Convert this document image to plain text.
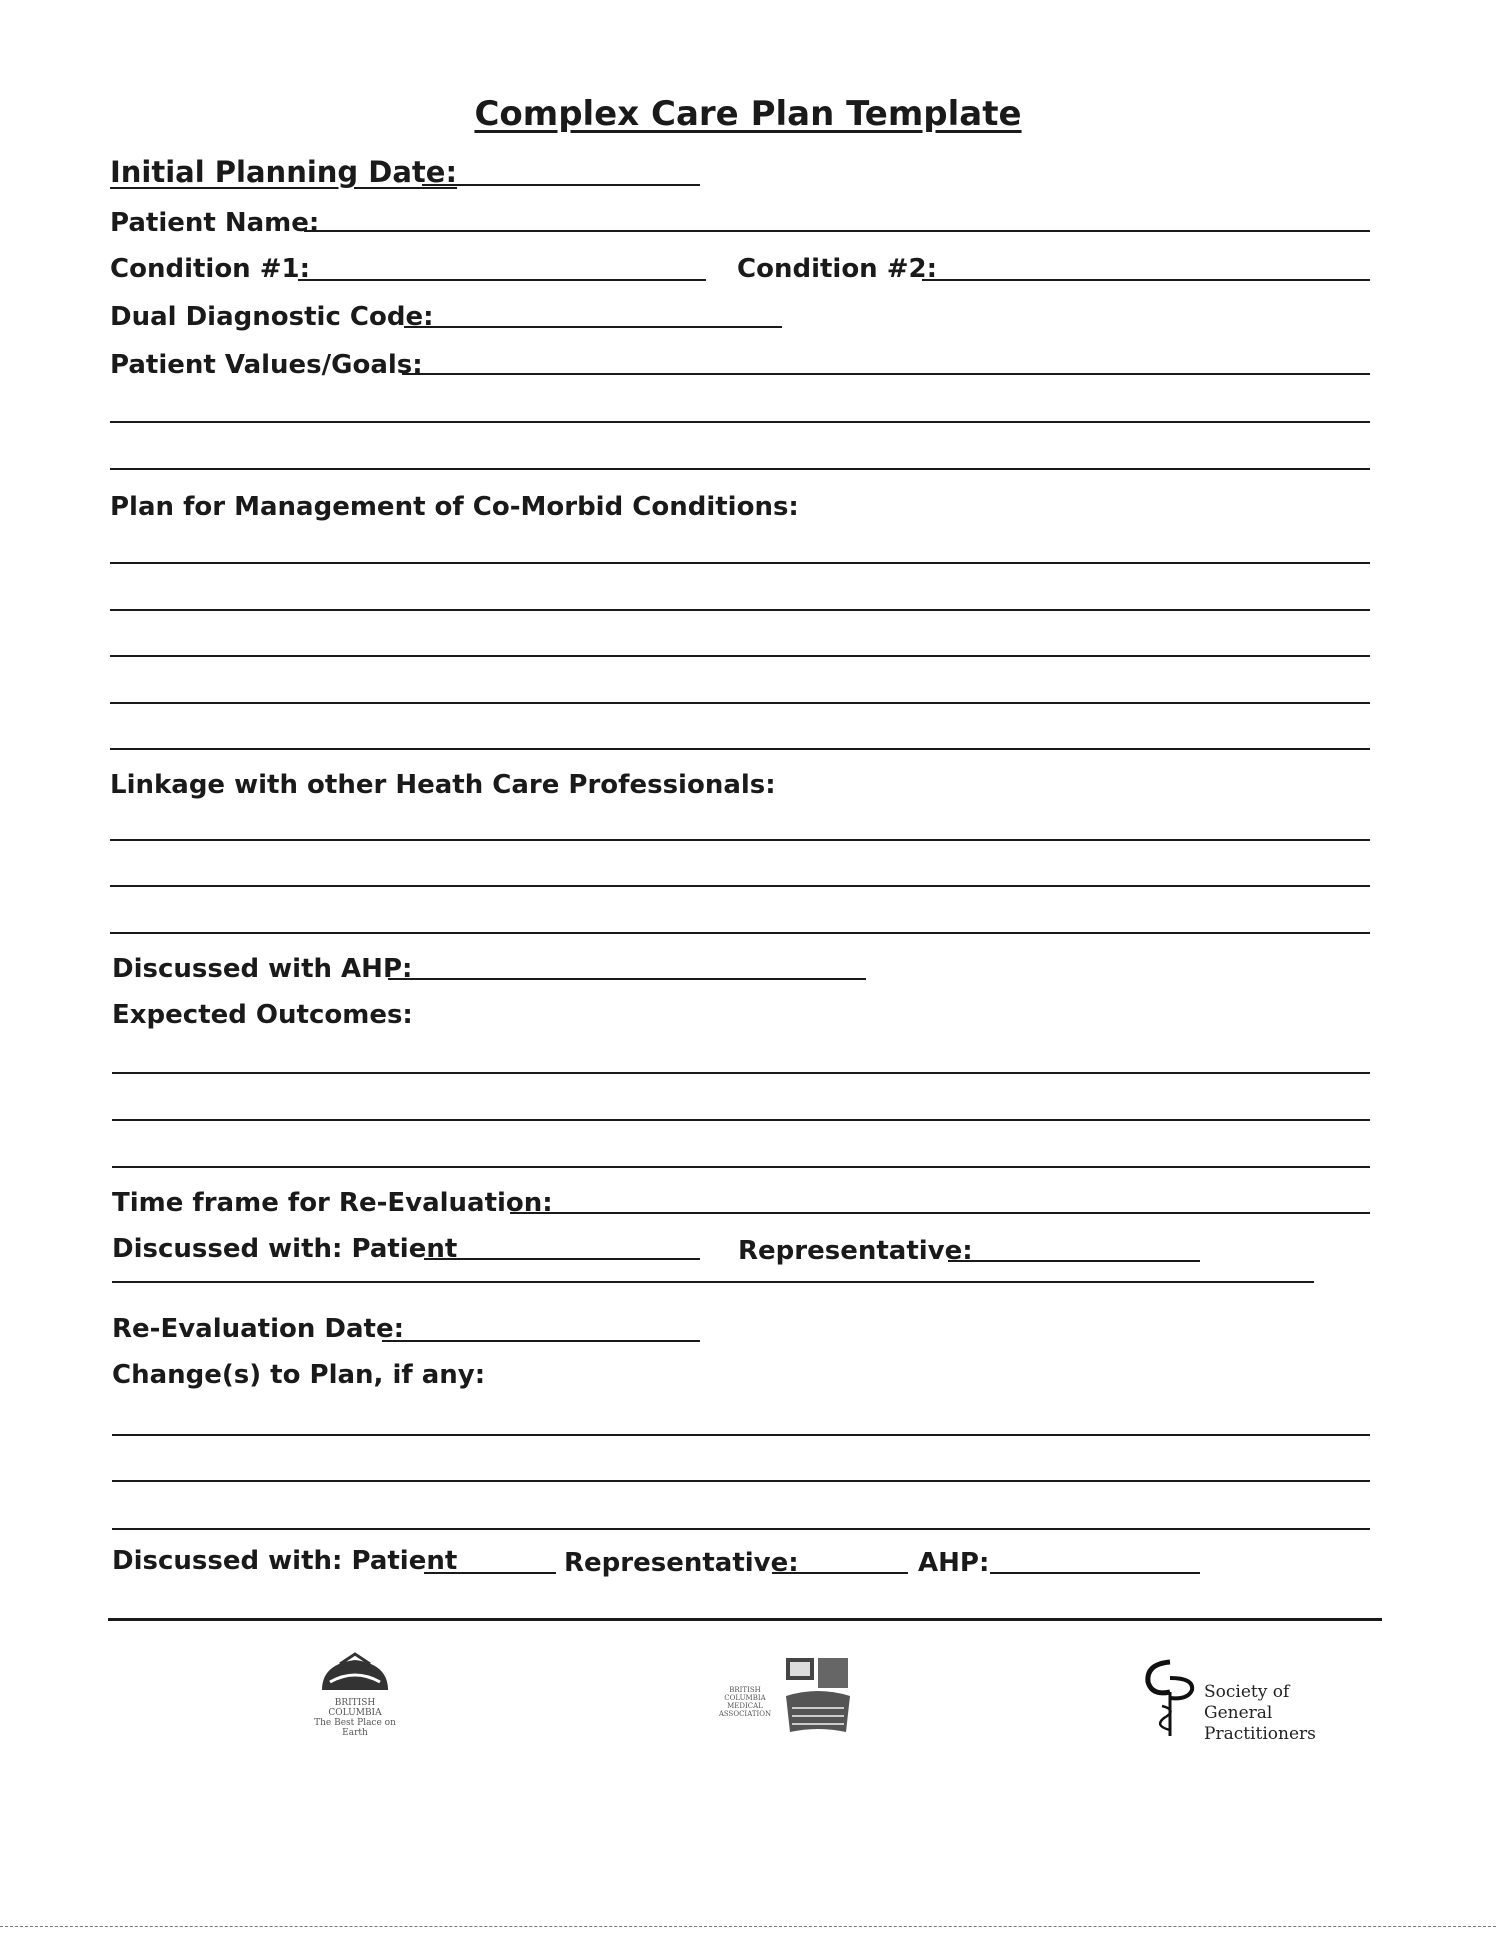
Complex Care Plan Template
Initial Planning Date:
Patient Name:
Condition #1:	Condition #2:
Dual Diagnostic Code:
Patient Values/Goals:
Plan for Management of Co-Morbid Conditions:
Linkage with other Heath Care Professionals:
Discussed with AHP:
Expected Outcomes:
Time frame for Re-Evaluation:
Discussed with: Patient	Representative:
Re-Evaluation Date:
Change(s) to Plan, if any:
Discussed with: Patient	Representative:	AHP:
BRITISH
COLUMBIA
The Best Place on Earth
BRITISH
COLUMBIA
MEDICAL
ASSOCIATION
Society of
General
Practitioners
